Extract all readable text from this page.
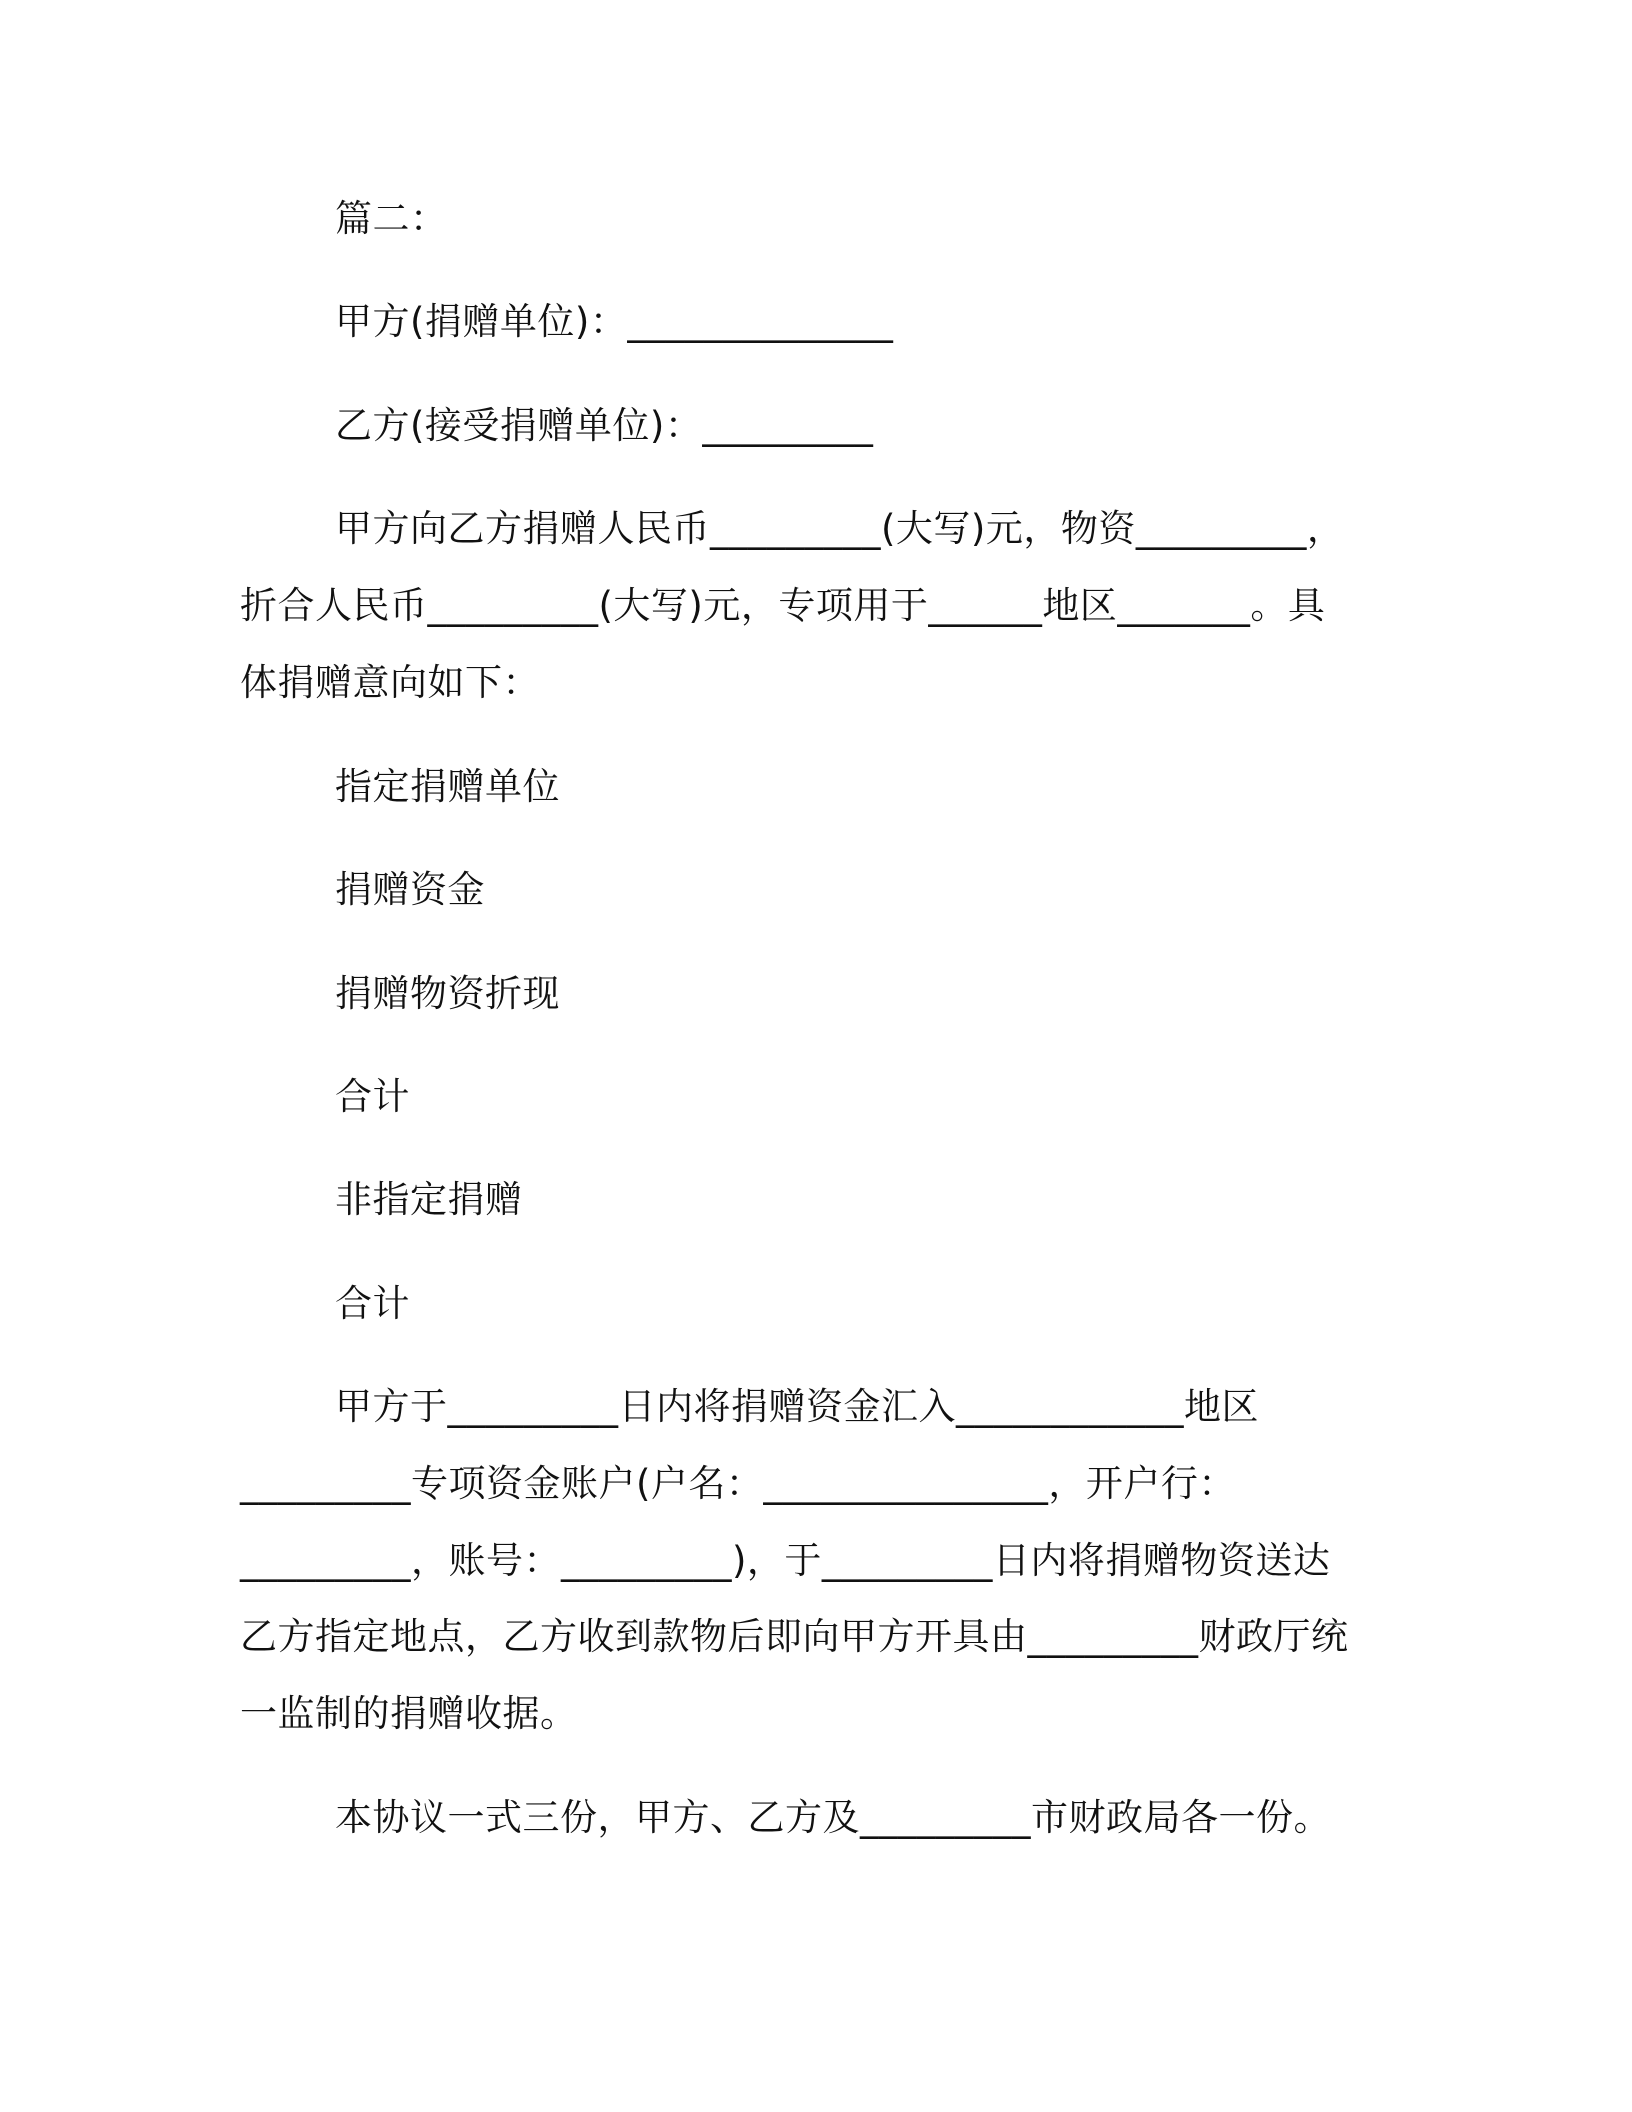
篇二：
甲方(捐赠单位)：______________
乙方(接受捐赠单位)：_________
甲方向乙方捐赠人民币_________(大写)元，物资_________，
折合人民币_________(大写)元，专项用于______地区_______。具
体捐赠意向如下：
指定捐赠单位
捐赠资金
捐赠物资折现
合计
非指定捐赠
合计
甲方于_________日内将捐赠资金汇入____________地区
_________专项资金账户(户名：_______________，开户行：
_________，账号：_________)，于_________日内将捐赠物资送达
乙方指定地点，乙方收到款物后即向甲方开具由_________财政厅统
一监制的捐赠收据。
本协议一式三份，甲方、乙方及_________市财政局各一份。
